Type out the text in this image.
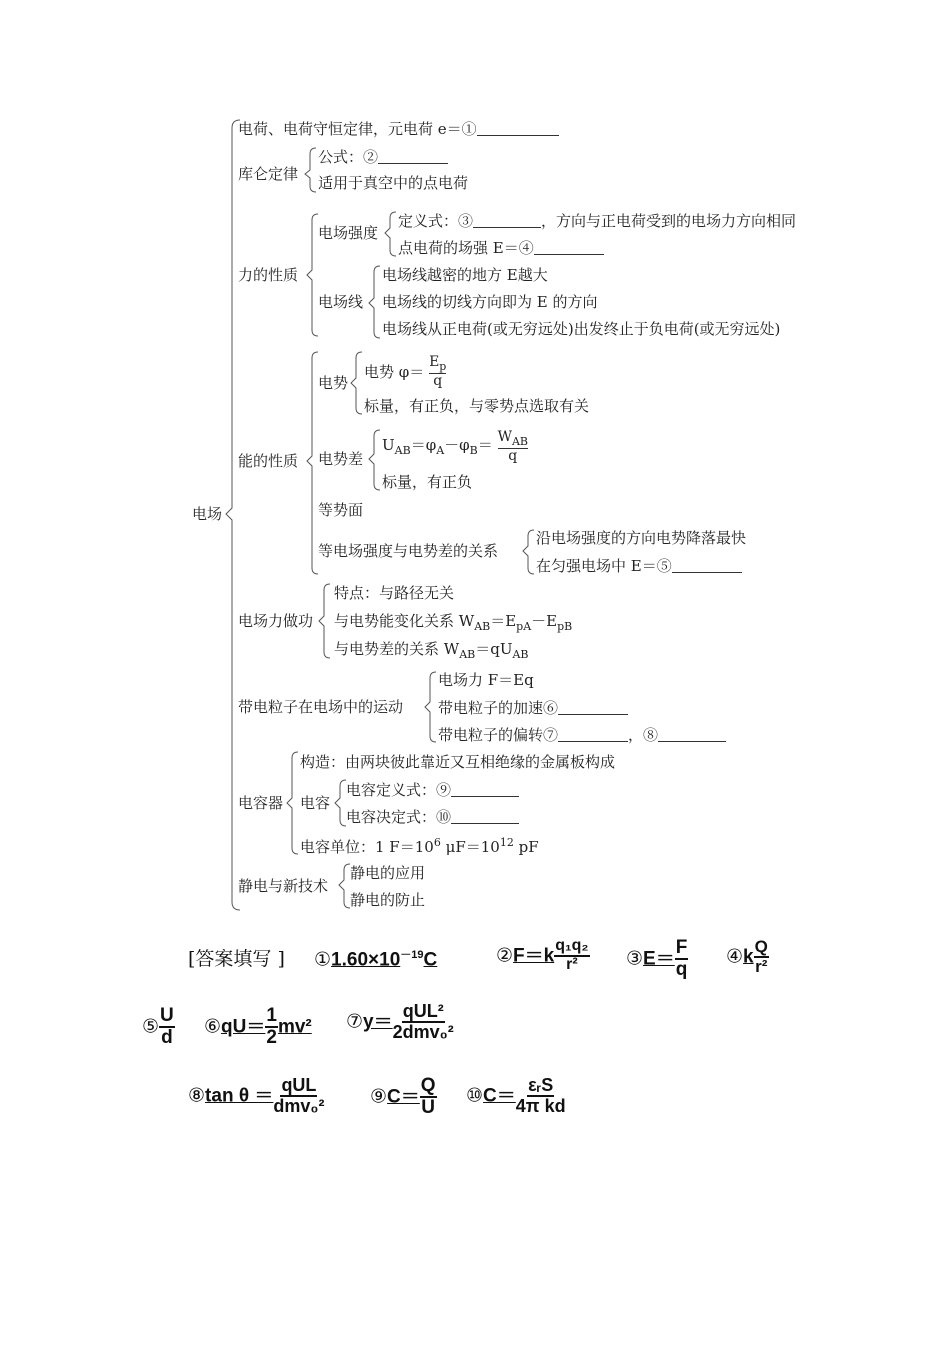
电场
电荷、电荷守恒定律，元电荷 e＝①
库仑定律
公式：②
适用于真空中的点电荷
力的性质
电场强度
定义式：③	，方向与正电荷受到的电场力方向相同
点电荷的场强 E＝④
电场线
电场线越密的地方 E越大
电场线的切线方向即为 E 的方向
电场线从正电荷(或无穷远处)出发终止于负电荷(或无穷远处)
能的性质
电势
电势 $\varphi= \frac{E_p}{q}$
标量，有正负，与零势点选取有关
电势差
$U_{AB}=\varphi_A-\varphi_B= W_{AB}$
q
标量，有正负
等势面
等电场强度与电势差的关系
沿电场强度的方向电势降落最快
在匀强电场中 E＝⑤
电场力做功
特点：与路径无关
与电势能变化关系 $W_{AB}=E_{pA}-E_{pB}$
与电势差的关系 $W_{AB}=qU_{AB}$
带电粒子在电场中的运动
电场力 F＝Eq
带电粒子的加速⑥
带电粒子的偏转⑦	，⑧
电容器
构造：由两块彼此靠近又互相绝缘的金属板构成
电容
电容定义式：⑨
电容决定式：⑩
电容单位：1 $F=10^6$ $\mu F=10^{12}$ pF
静电与新技术
静电的应用
静电的防止
[答案填写 ] $①1.60\times 10^{-19}C$	②F＝k $\frac{\text{q₁q₂}}{\text{r²}}$ ③E＝ $\frac{F}{q}$ ④k $\frac{Q}{\text{r²}}$
⑤ $\frac{U}{d}$ ⑥qU＝ $\frac{1}{2} mv^2$ ⑦y＝ $\frac{\text{qUL²}}{\text{2dmv₀²}}$
⑧tan $\theta = \frac{\text{qUL}}{\text{dmv₀²}}$ ⑨C＝ $\frac{Q}{U}$ ⑩C＝ $\frac{\text{εᵣS}}{\text{4π kd}}$
